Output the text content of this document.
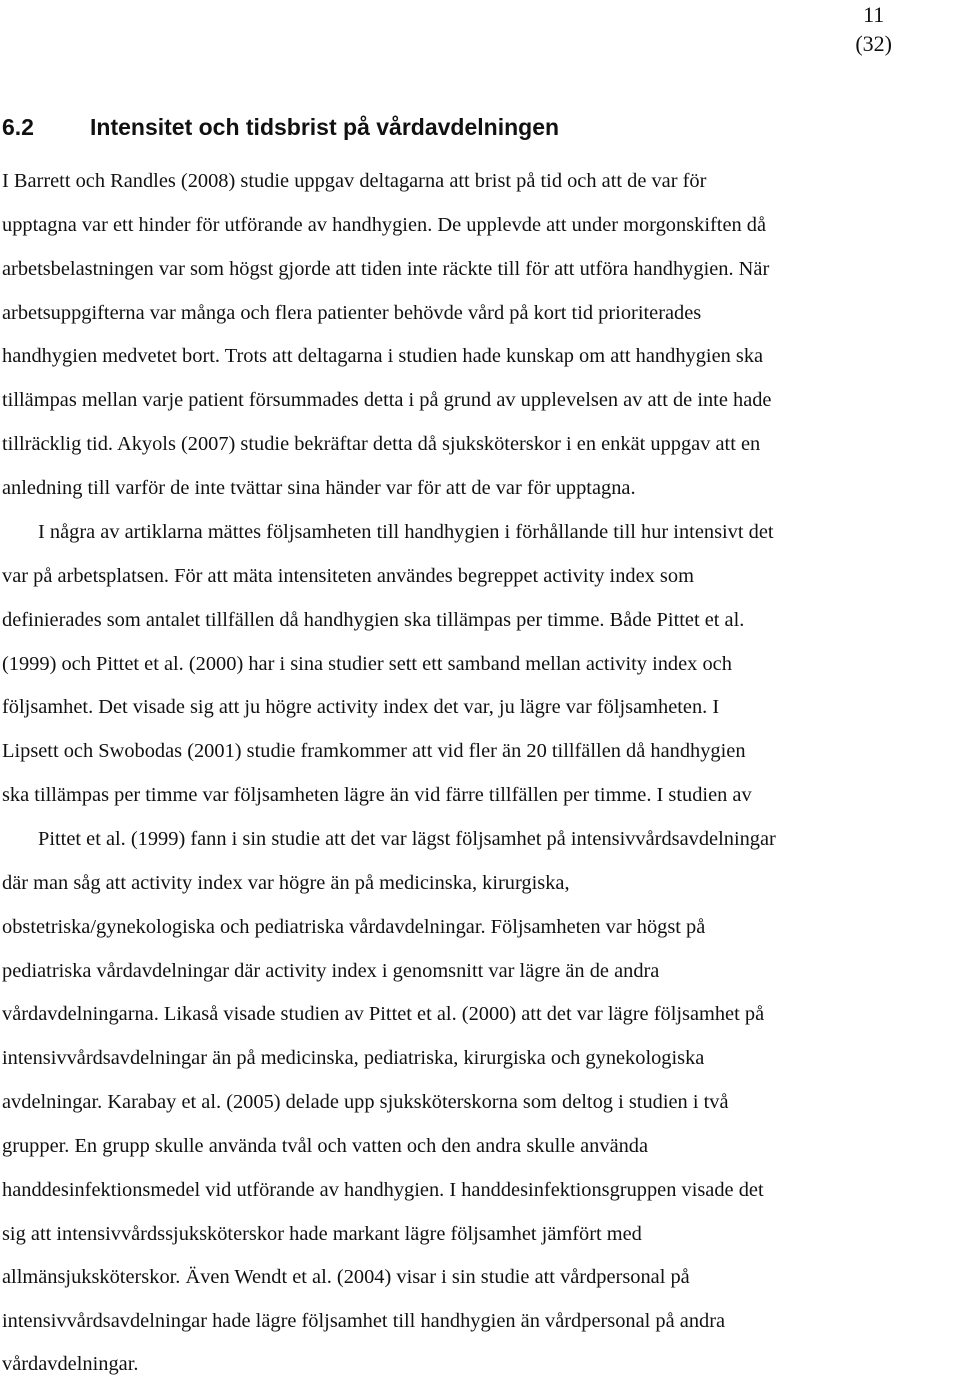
11
(32)
6.2 Intensitet och tidsbrist på vårdavdelningen
I Barrett och Randles (2008) studie uppgav deltagarna att brist på tid och att de var för
upptagna var ett hinder för utförande av handhygien. De upplevde att under morgonskiften då
arbetsbelastningen var som högst gjorde att tiden inte räckte till för att utföra handhygien. När
arbetsuppgifterna var många och flera patienter behövde vård på kort tid prioriterades
handhygien medvetet bort. Trots att deltagarna i studien hade kunskap om att handhygien ska
tillämpas mellan varje patient försummades detta i på grund av upplevelsen av att de inte hade
tillräcklig tid. Akyols (2007) studie bekräftar detta då sjuksköterskor i en enkät uppgav att en
anledning till varför de inte tvättar sina händer var för att de var för upptagna.
I några av artiklarna mättes följsamheten till handhygien i förhållande till hur intensivt det
var på arbetsplatsen. För att mäta intensiteten användes begreppet activity index som
definierades som antalet tillfällen då handhygien ska tillämpas per timme. Både Pittet et al.
(1999) och Pittet et al. (2000) har i sina studier sett ett samband mellan activity index och
följsamhet. Det visade sig att ju högre activity index det var, ju lägre var följsamheten. I
Lipsett och Swobodas (2001) studie framkommer att vid fler än 20 tillfällen då handhygien
ska tillämpas per timme var följsamheten lägre än vid färre tillfällen per timme. I studien av
Pittet et al. (1999) fann i sin studie att det var lägst följsamhet på intensivvårdsavdelningar
där man såg att activity index var högre än på medicinska, kirurgiska,
obstetriska/gynekologiska och pediatriska vårdavdelningar. Följsamheten var högst på
pediatriska vårdavdelningar där activity index i genomsnitt var lägre än de andra
vårdavdelningarna. Likaså visade studien av Pittet et al. (2000) att det var lägre följsamhet på
intensivvårdsavdelningar än på medicinska, pediatriska, kirurgiska och gynekologiska
avdelningar. Karabay et al. (2005) delade upp sjuksköterskorna som deltog i studien i två
grupper. En grupp skulle använda tvål och vatten och den andra skulle använda
handdesinfektionsmedel vid utförande av handhygien. I handdesinfektionsgruppen visade det
sig att intensivvårdssjuksköterskor hade markant lägre följsamhet jämfört med
allmänsjuksköterskor. Även Wendt et al. (2004) visar i sin studie att vårdpersonal på
intensivvårdsavdelningar hade lägre följsamhet till handhygien än vårdpersonal på andra
vårdavdelningar.
